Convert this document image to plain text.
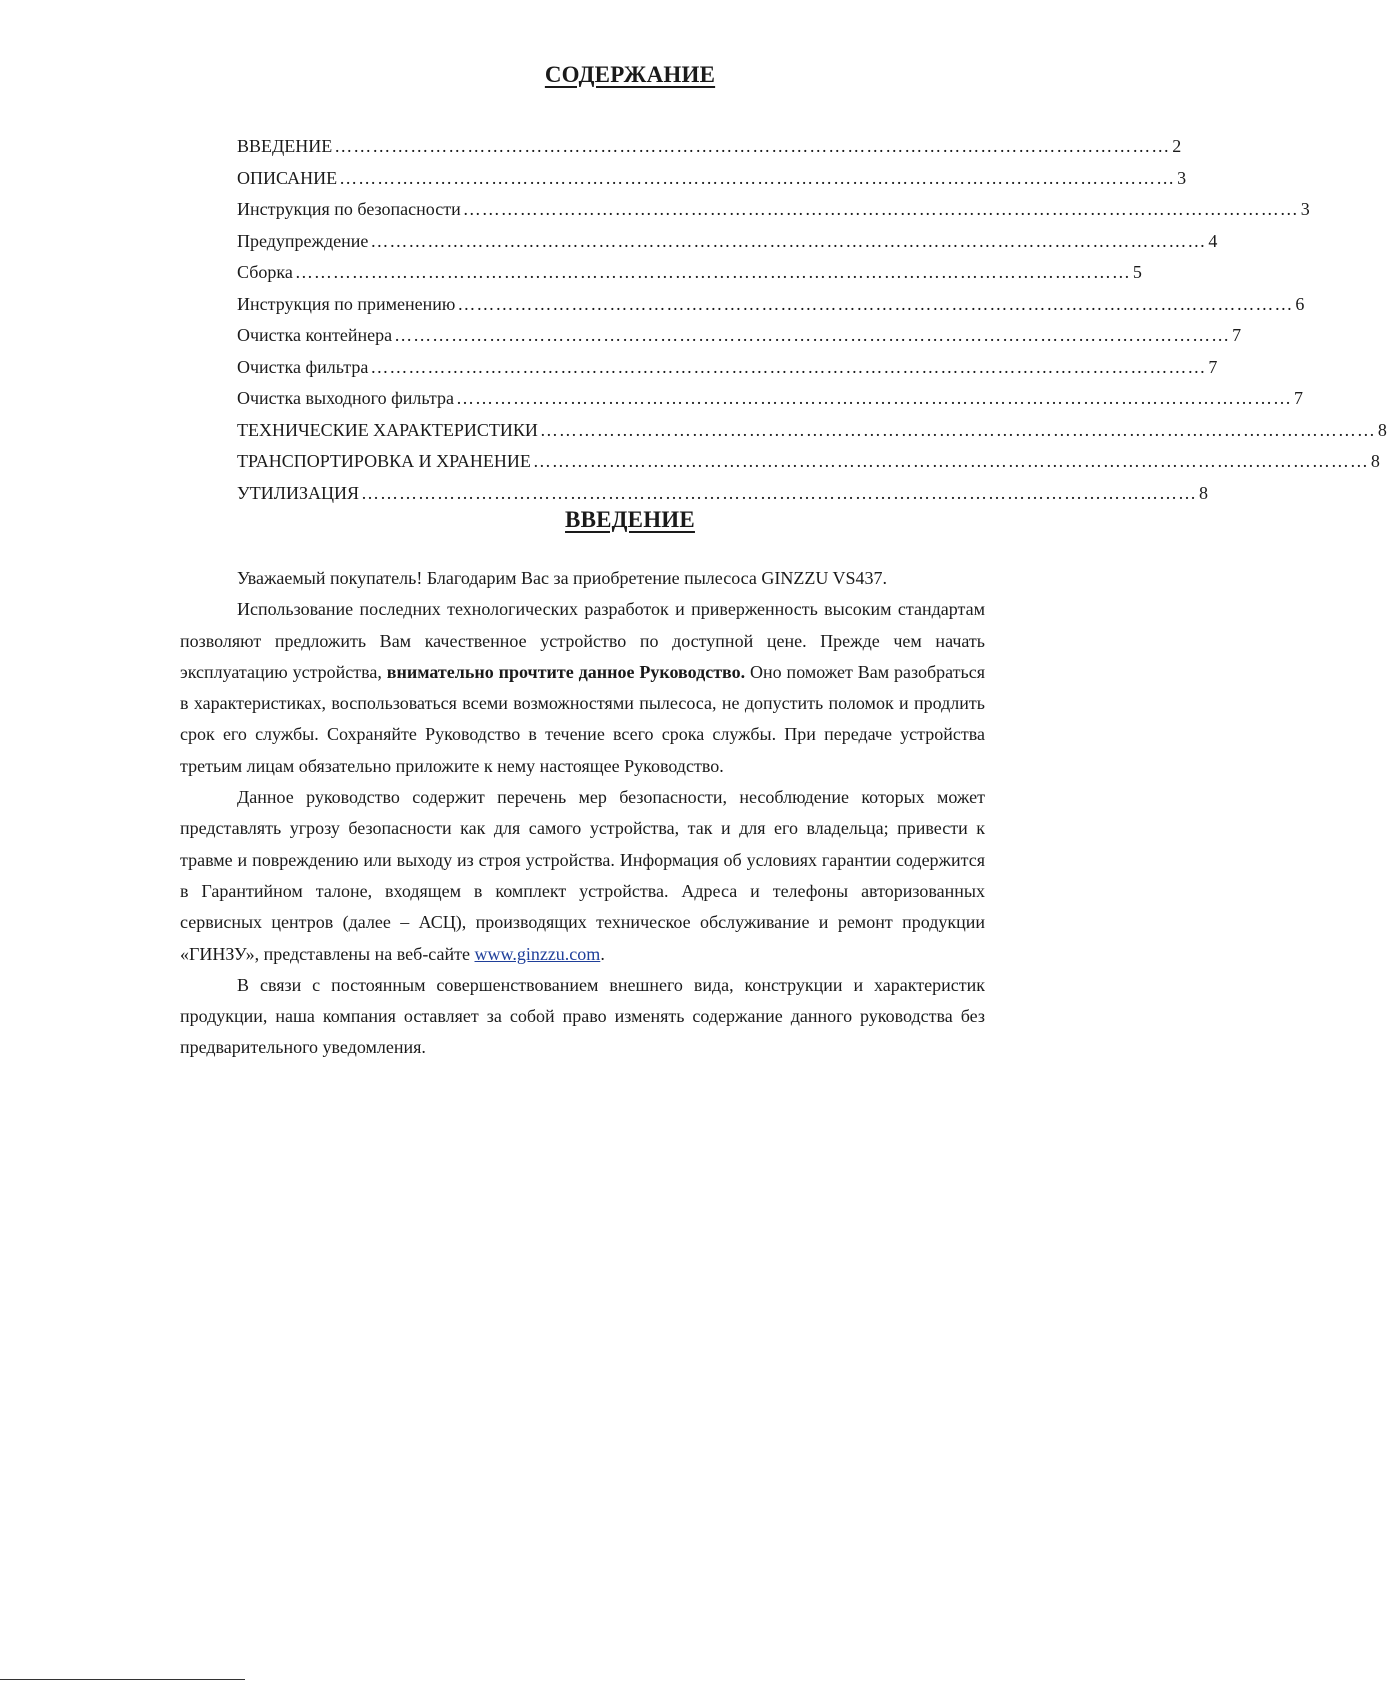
СОДЕРЖАНИЕ
ВВЕДЕНИЕ …………………………………………………………………………………………………………………… 2
ОПИСАНИЕ …………………………………………………………………………………………………………………… 3
Инструкция по безопасности …………………………………………………………………………………………………………………… 3
Предупреждение …………………………………………………………………………………………………………………… 4
Сборка …………………………………………………………………………………………………………………… 5
Инструкция по применению …………………………………………………………………………………………………………………… 6
Очистка контейнера …………………………………………………………………………………………………………………… 7
Очистка фильтра …………………………………………………………………………………………………………………… 7
Очистка выходного фильтра …………………………………………………………………………………………………………………… 7
ТЕХНИЧЕСКИЕ ХАРАКТЕРИСТИКИ …………………………………………………………………………………………………………………… 8
ТРАНСПОРТИРОВКА И ХРАНЕНИЕ …………………………………………………………………………………………………………………… 8
УТИЛИЗАЦИЯ …………………………………………………………………………………………………………………… 8
ВВЕДЕНИЕ

Уважаемый покупатель! Благодарим Вас за приобретение пылесоса GINZZU VS437.

Использование последних технологических разработок и приверженность высоким стандартам позволяют предложить Вам качественное устройство по доступной цене. Прежде чем начать эксплуатацию устройства, внимательно прочтите данное Руководство. Оно поможет Вам разобраться в характеристиках, воспользоваться всеми возможностями пылесоса, не допустить поломок и продлить срок его службы. Сохраняйте Руководство в течение всего срока службы. При передаче устройства третьим лицам обязательно приложите к нему настоящее Руководство.

Данное руководство содержит перечень мер безопасности, несоблюдение которых может представлять угрозу безопасности как для самого устройства, так и для его владельца; привести к травме и повреждению или выходу из строя устройства. Информация об условиях гарантии содержится в Гарантийном талоне, входящем в комплект устройства. Адреса и телефоны авторизованных сервисных центров (далее – АСЦ), производящих техническое обслуживание и ремонт продукции «ГИНЗУ», представлены на веб-сайте www.ginzzu.com.

В связи с постоянным совершенствованием внешнего вида, конструкции и характеристик продукции, наша компания оставляет за собой право изменять содержание данного руководства без предварительного уведомления.
